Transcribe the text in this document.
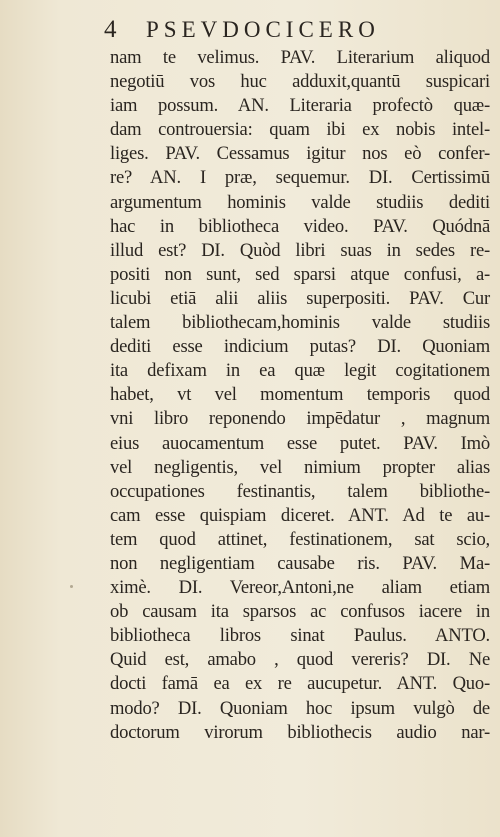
4 PSEVDOCICERO
nam te velimus. PAV. Literarium aliquod
negotiū vos huc adduxit,quantū suspicari
iam possum. AN. Literaria profectò quæ-
dam controuersia: quam ibi ex nobis intel-
liges. PAV. Cessamus igitur nos eò confer-
re? AN. I præ, sequemur. DI. Certissimū
argumentum hominis valde studiis dediti
hac in bibliotheca video. PAV. Quódnā
illud est? DI. Quòd libri suas in sedes re-
positi non sunt, sed sparsi atque confusi, a-
licubi etiā alii aliis superpositi. PAV. Cur
talem bibliothecam,hominis valde studiis
dediti esse indicium putas? DI. Quoniam
ita defixam in ea quæ legit cogitationem
habet, vt vel momentum temporis quod
vni libro reponendo impēdatur , magnum
eius auocamentum esse putet. PAV. Imò
vel negligentis, vel nimium propter alias
occupationes festinantis, talem bibliothe-
cam esse quispiam diceret. ANT. Ad te au-
tem quod attinet, festinationem, sat scio,
non negligentiam causabe ris. PAV. Ma-
ximè. DI. Vereor,Antoni,ne aliam etiam
ob causam ita sparsos ac confusos iacere in
bibliotheca libros sinat Paulus. ANTO.
Quid est, amabo , quod vereris? DI. Ne
docti famā ea ex re aucupetur. ANT. Quo-
modo? DI. Quoniam hoc ipsum vulgò de
doctorum virorum bibliothecis audio nar-
